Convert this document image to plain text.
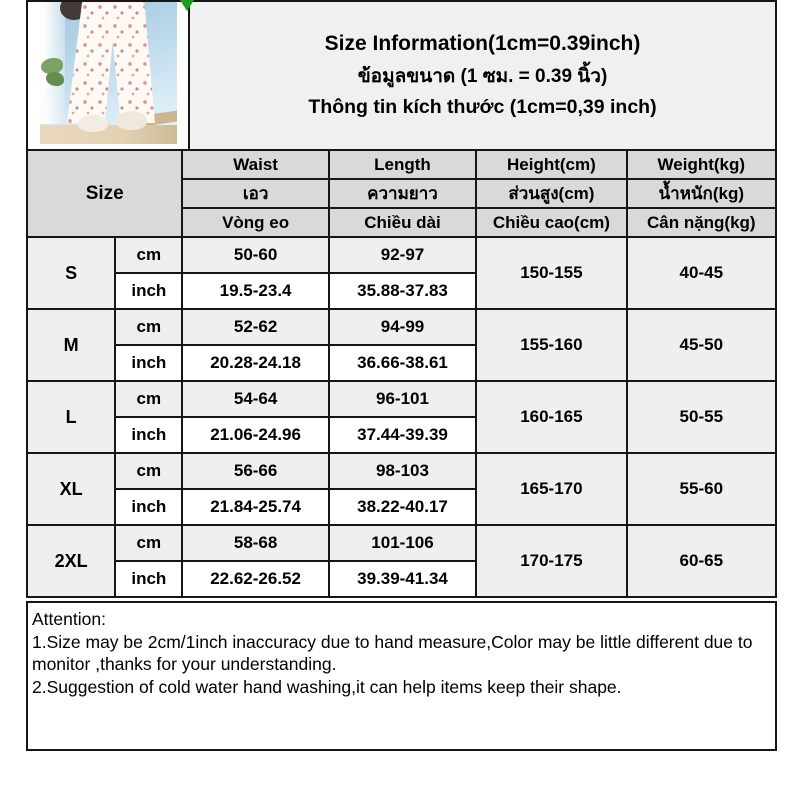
Size Information(1cm=0.39inch)
ข้อมูลขนาด (1 ซม. = 0.39 นิ้ว)
Thông tin kích thước (1cm=0,39 inch)
Size		Waist	Length	Height(cm)	Weight(kg)
		เอว	ความยาว	ส่วนสูง(cm)	น้ำหนัก(kg)
		Vòng eo	Chiều dài	Chiều cao(cm)	Cân nặng(kg)
S	cm	50-60	92-97	150-155	40-45
	inch	19.5-23.4	35.88-37.83		
M	cm	52-62	94-99	155-160	45-50
	inch	20.28-24.18	36.66-38.61		
L	cm	54-64	96-101	160-165	50-55
	inch	21.06-24.96	37.44-39.39		
XL	cm	56-66	98-103	165-170	55-60
	inch	21.84-25.74	38.22-40.17		
2XL	cm	58-68	101-106	170-175	60-65
	inch	22.62-26.52	39.39-41.34		
Attention:
1.Size may be 2cm/1inch inaccuracy due to hand measure,Color may be little different due to monitor ,thanks for your understanding.
2.Suggestion of cold water hand washing,it can help items keep their shape.
